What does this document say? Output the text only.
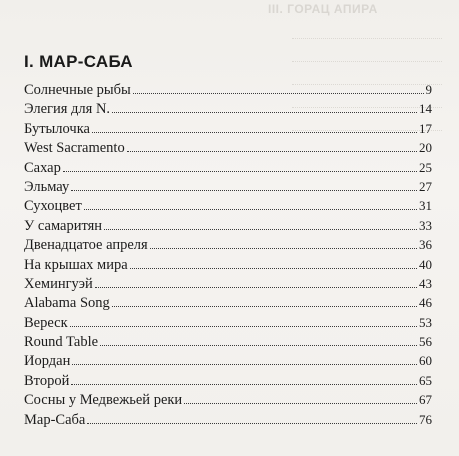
III. ГОРАЦ АПИРА
I. МАР-САБА
Солнечные рыбы	9
Элегия для N.	14
Бутылочка	17
West Sacramento	20
Сахар	25
Эльмау	27
Сухоцвет	31
У самаритян	33
Двенадцатое апреля	36
На крышах мира	40
Хемингуэй	43
Alabama Song	46
Вереск	53
Round Table	56
Иордан	60
Второй	65
Сосны у Медвежьей реки	67
Мар-Саба	76
